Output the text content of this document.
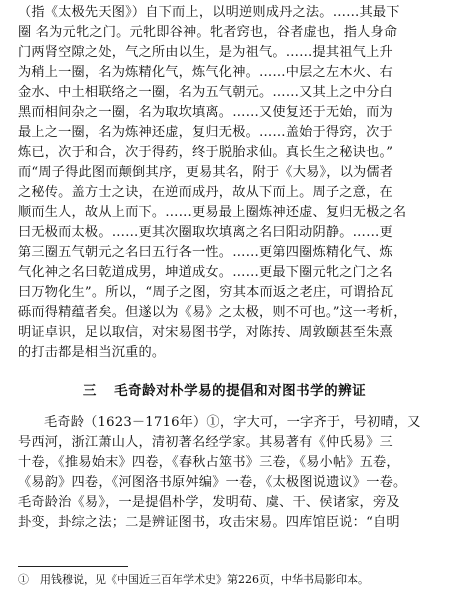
（指《太极先天图》）自下而上，以明逆则成丹之法。……其最下
圈 名为元牝之门。元牝即谷神。牝者窍也，谷者虚也，指人身命
门两肾空隙之处，气之所由以生，是为祖气。……提其祖气上升
为稍上一圈，名为炼精化气，炼气化神。……中层之左木火、右
金水、中土相联络之一圈，名为五气朝元。……又其上之中分白
黑而相间杂之一圈，名为取坎填离。……又使复还于无始，而为
最上之一圈，名为炼神还虚，复归无极。……盖始于得窍，次于
炼已，次于和合，次于得药，终于脱胎求仙。真长生之秘诀也。”
而“周子得此图而颠倒其序，更易其名，附于《大易》，以为儒者
之秘传。盖方士之诀，在逆而成丹，故从下而上。周子之意，在
顺而生人，故从上而下。……更易最上圈炼神还虚、复归无极之名
曰无极而太极。……更其次圈取坎填离之名曰阳动阴静。……更
第三圈五气朝元之名曰五行各一性。……更第四圈炼精化气、炼
气化神之名曰乾道成男，坤道成女。……更最下圈元牝之门之名
曰万物化生”。所以，“周子之图，穷其本而返之老庄，可谓拾瓦
砾而得精蕴者矣。但遂以为《易》之太极，则不可也。”这一考析，
明证卓识，足以取信，对宋易图书学，对陈抟、周敦颐甚至朱熹
的打击都是相当沉重的。
三 毛奇龄对朴学易的提倡和对图书学的辨证
毛奇龄（1623－1716年）①，字大可，一字齐于，号初晴，又
号西河，浙江萧山人，清初著名经学家。其易著有《仲氏易》三
十卷，《推易始末》四卷，《春秋占筮书》三卷，《易小帖》五卷，
《易韵》四卷，《河图洛书原舛编》一卷，《太极图说遗议》一卷。
毛奇龄治《易》，一是提倡朴学，发明荀、虞、干、侯诸家，旁及
卦变，卦综之法；二是辨证图书，攻击宋易。四库馆臣说：“自明
①　用钱穆说，见《中国近三百年学术史》第226页，中华书局影印本。
